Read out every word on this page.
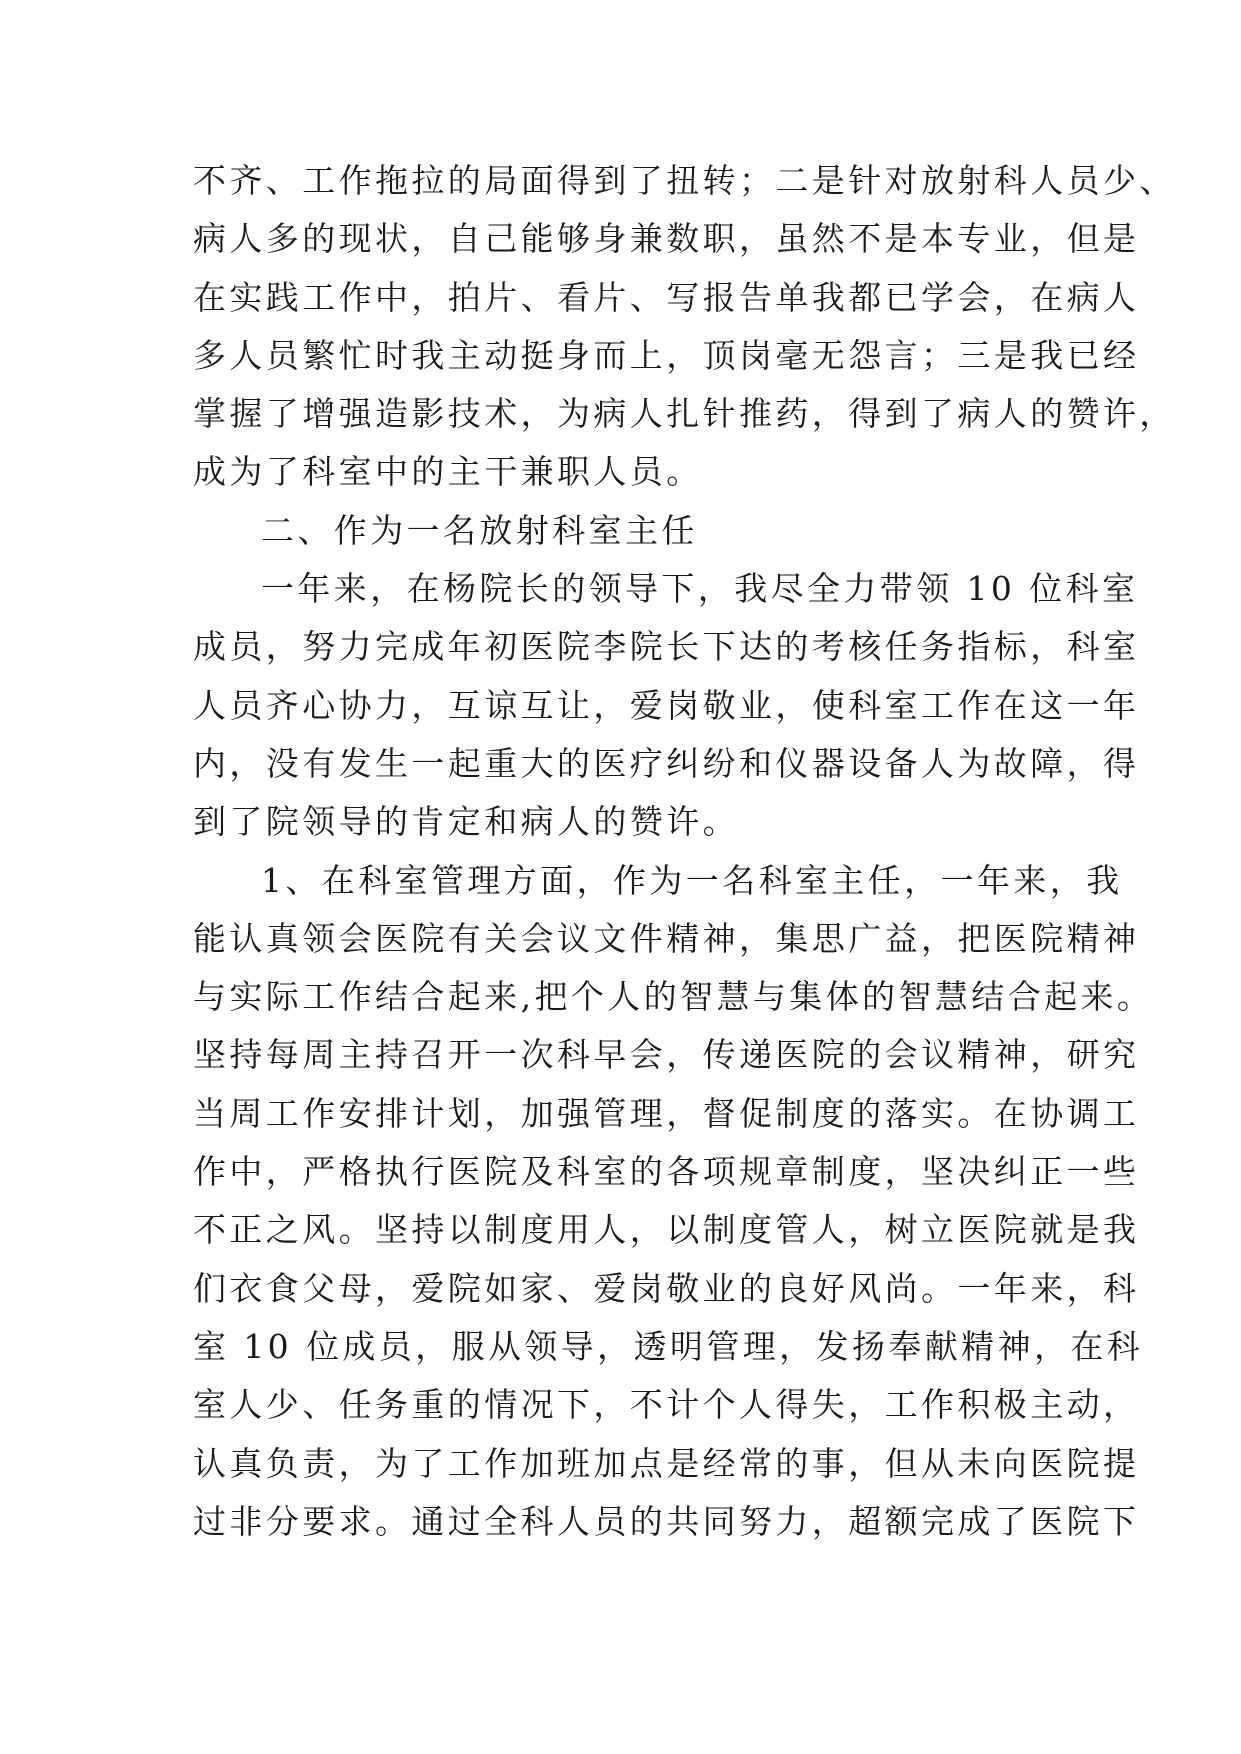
不齐、工作拖拉的局面得到了扭转；二是针对放射科人员少、
病人多的现状，自己能够身兼数职，虽然不是本专业，但是
在实践工作中，拍片、看片、写报告单我都已学会，在病人
多人员繁忙时我主动挺身而上，顶岗毫无怨言；三是我已经
掌握了增强造影技术，为病人扎针推药，得到了病人的赞许，
成为了科室中的主干兼职人员。
二、作为一名放射科室主任
一年来，在杨院长的领导下，我尽全力带领 10 位科室
成员，努力完成年初医院李院长下达的考核任务指标，科室
人员齐心协力，互谅互让，爱岗敬业，使科室工作在这一年
内，没有发生一起重大的医疗纠纷和仪器设备人为故障，得
到了院领导的肯定和病人的赞许。
1、在科室管理方面，作为一名科室主任，一年来，我
能认真领会医院有关会议文件精神，集思广益，把医院精神
与实际工作结合起来,把个人的智慧与集体的智慧结合起来。
坚持每周主持召开一次科早会，传递医院的会议精神，研究
当周工作安排计划，加强管理，督促制度的落实。在协调工
作中，严格执行医院及科室的各项规章制度，坚决纠正一些
不正之风。坚持以制度用人，以制度管人，树立医院就是我
们衣食父母，爱院如家、爱岗敬业的良好风尚。一年来，科
室 10 位成员，服从领导，透明管理，发扬奉献精神，在科
室人少、任务重的情况下，不计个人得失，工作积极主动，
认真负责，为了工作加班加点是经常的事，但从未向医院提
过非分要求。通过全科人员的共同努力，超额完成了医院下
